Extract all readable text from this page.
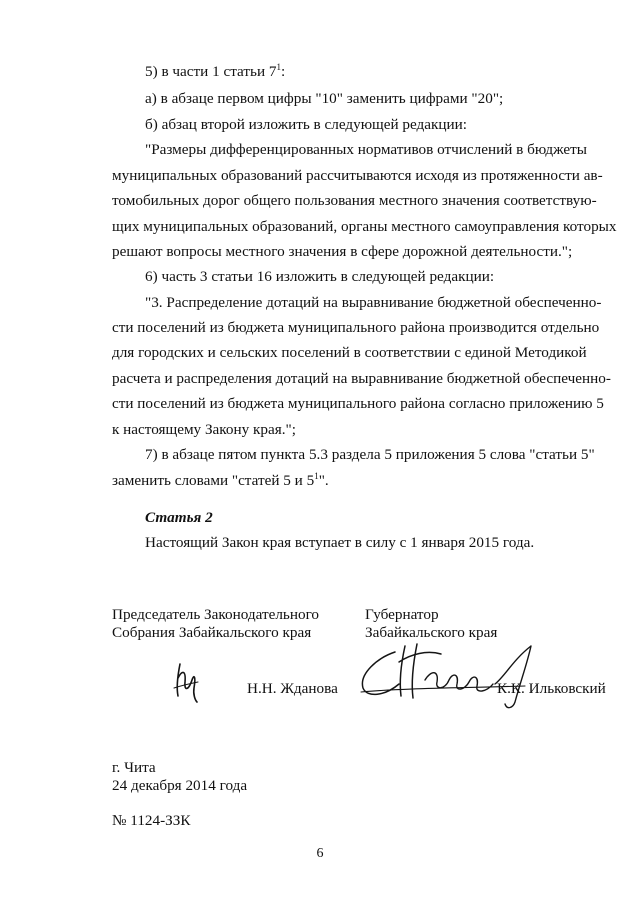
5) в части 1 статьи $7^1$:
а) в абзаце первом цифры "10" заменить цифрами "20";
б) абзац второй изложить в следующей редакции:
"Размеры дифференцированных нормативов отчислений в бюджеты
муниципальных образований рассчитываются исходя из протяженности ав-
томобильных дорог общего пользования местного значения соответствую-
щих муниципальных образований, органы местного самоуправления которых
решают вопросы местного значения в сфере дорожной деятельности.";
6) часть 3 статьи 16 изложить в следующей редакции:
"3. Распределение дотаций на выравнивание бюджетной обеспеченно-
сти поселений из бюджета муниципального района производится отдельно
для городских и сельских поселений в соответствии с единой Методикой
расчета и распределения дотаций на выравнивание бюджетной обеспеченно-
сти поселений из бюджета муниципального района согласно приложению 5
к настоящему Закону края.";
7) в абзаце пятом пункта 5.3 раздела 5 приложения 5 слова "статьи 5"
заменить словами "статей 5 и $5^1$".
Статья 2
Настоящий Закон края вступает в силу с 1 января 2015 года.
Председатель Законодательного
Собрания Забайкальского края
Н.Н. Жданова
Губернатор
Забайкальского края
К.К. Ильковский
г. Чита
24 декабря 2014 года
№ 1124-ЗЗК
6
